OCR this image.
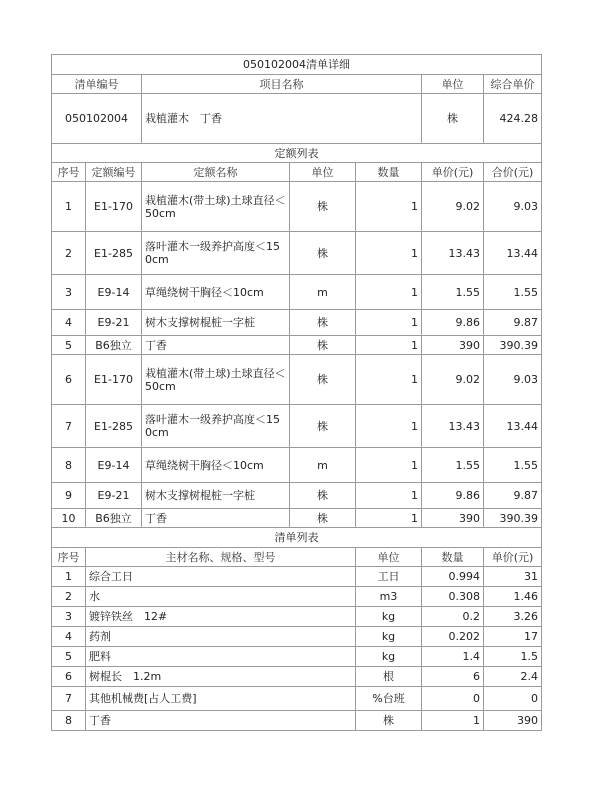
050102004清单详细							
清单编号		项目名称			单位	综合单价	
050102004		栽植灌木　丁香			株	424.28	
定额列表							
序号	定额编号	定额名称	单位	数量	单价(元)	合价(元)	
1	E1-170	栽植灌木(带土球)土球直径＜50cm	株	1	9.02	9.03	
2	E1-285	落叶灌木一级养护高度＜150cm	株	1	13.43	13.44	
3	E9-14	草绳绕树干胸径＜10cm	m	1	1.55	1.55	
4	E9-21	树木支撑树棍桩一字桩	株	1	9.86	9.87	
5	B6独立	丁香	株	1	390	390.39	
6	E1-170	栽植灌木(带土球)土球直径＜50cm	株	1	9.02	9.03	
7	E1-285	落叶灌木一级养护高度＜150cm	株	1	13.43	13.44	
8	E9-14	草绳绕树干胸径＜10cm	m	1	1.55	1.55	
9	E9-21	树木支撑树棍桩一字桩	株	1	9.86	9.87	
10	B6独立	丁香	株	1	390	390.39	
清单列表							
序号	主材名称、规格、型号			单位	数量	单价(元)	
1	综合工日			工日	0.994	31	
2	水			m3	0.308	1.46	
3	镀锌铁丝　12#			kg	0.2	3.26	
4	药剂			kg	0.202	17	
5	肥料			kg	1.4	1.5	
6	树棍长　1.2m			根	6	2.4	
7	其他机械费[占人工费]			%台班	0	0	
8	丁香			株	1	390	
